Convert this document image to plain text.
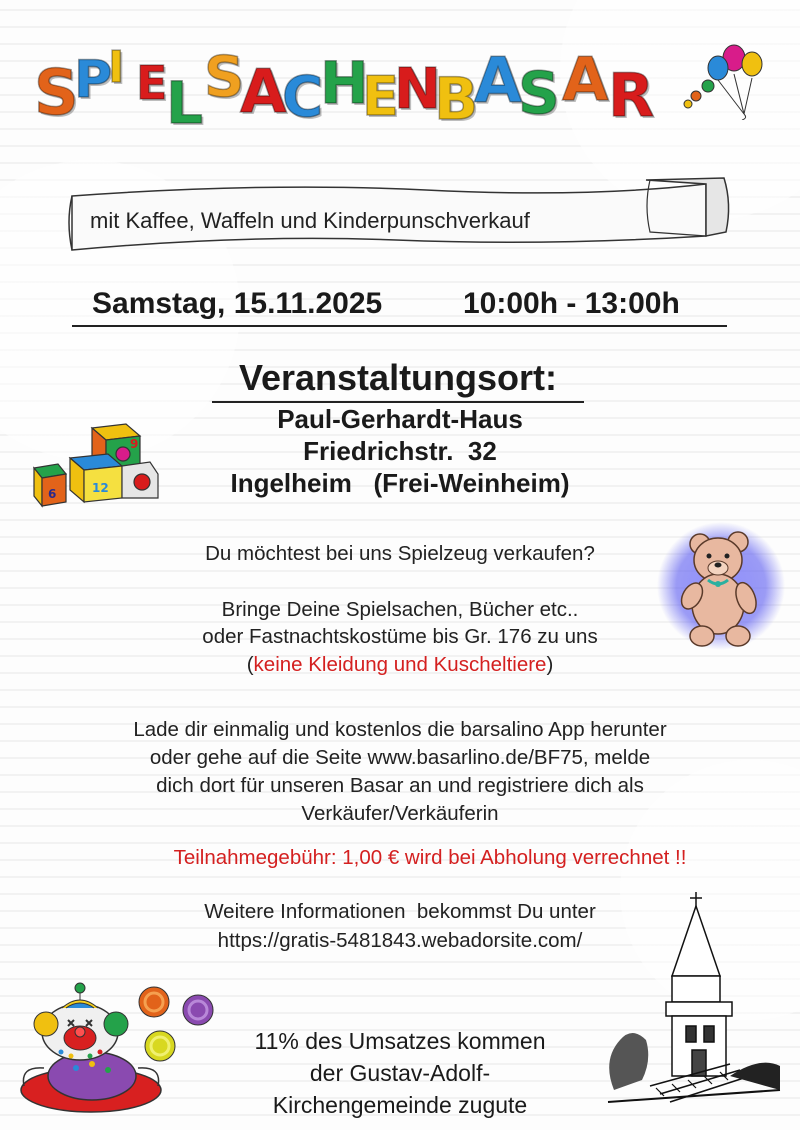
S
P
I E
L S
A
C
H
E
N
B
A
S A R
mit Kaffee, Waffeln und Kinderpunschverkauf
Samstag, 15.11.2025	10:00h - 13:00h
Veranstaltungsort:
Paul-Gerhardt-Haus
Friedrichstr.  32
Ingelheim   (Frei-Weinheim)
9
12
6
Du möchtest bei uns Spielzeug verkaufen?
Bringe Deine Spielsachen, Bücher etc..
oder Fastnachtskostüme bis Gr. 176 zu uns
(keine Kleidung und Kuscheltiere)
Lade dir einmalig und kostenlos die barsalino App herunter
oder gehe auf die Seite www.basarlino.de/BF75, melde
dich dort für unseren Basar an und registriere dich als
Verkäufer/Verkäuferin
Teilnahmegebühr: 1,00 € wird bei Abholung verrechnet !!
Weitere Informationen  bekommst Du unter
https://gratis-5481843.webadorsite.com/
11% des Umsatzes kommen
der Gustav-Adolf-
Kirchengemeinde zugute
